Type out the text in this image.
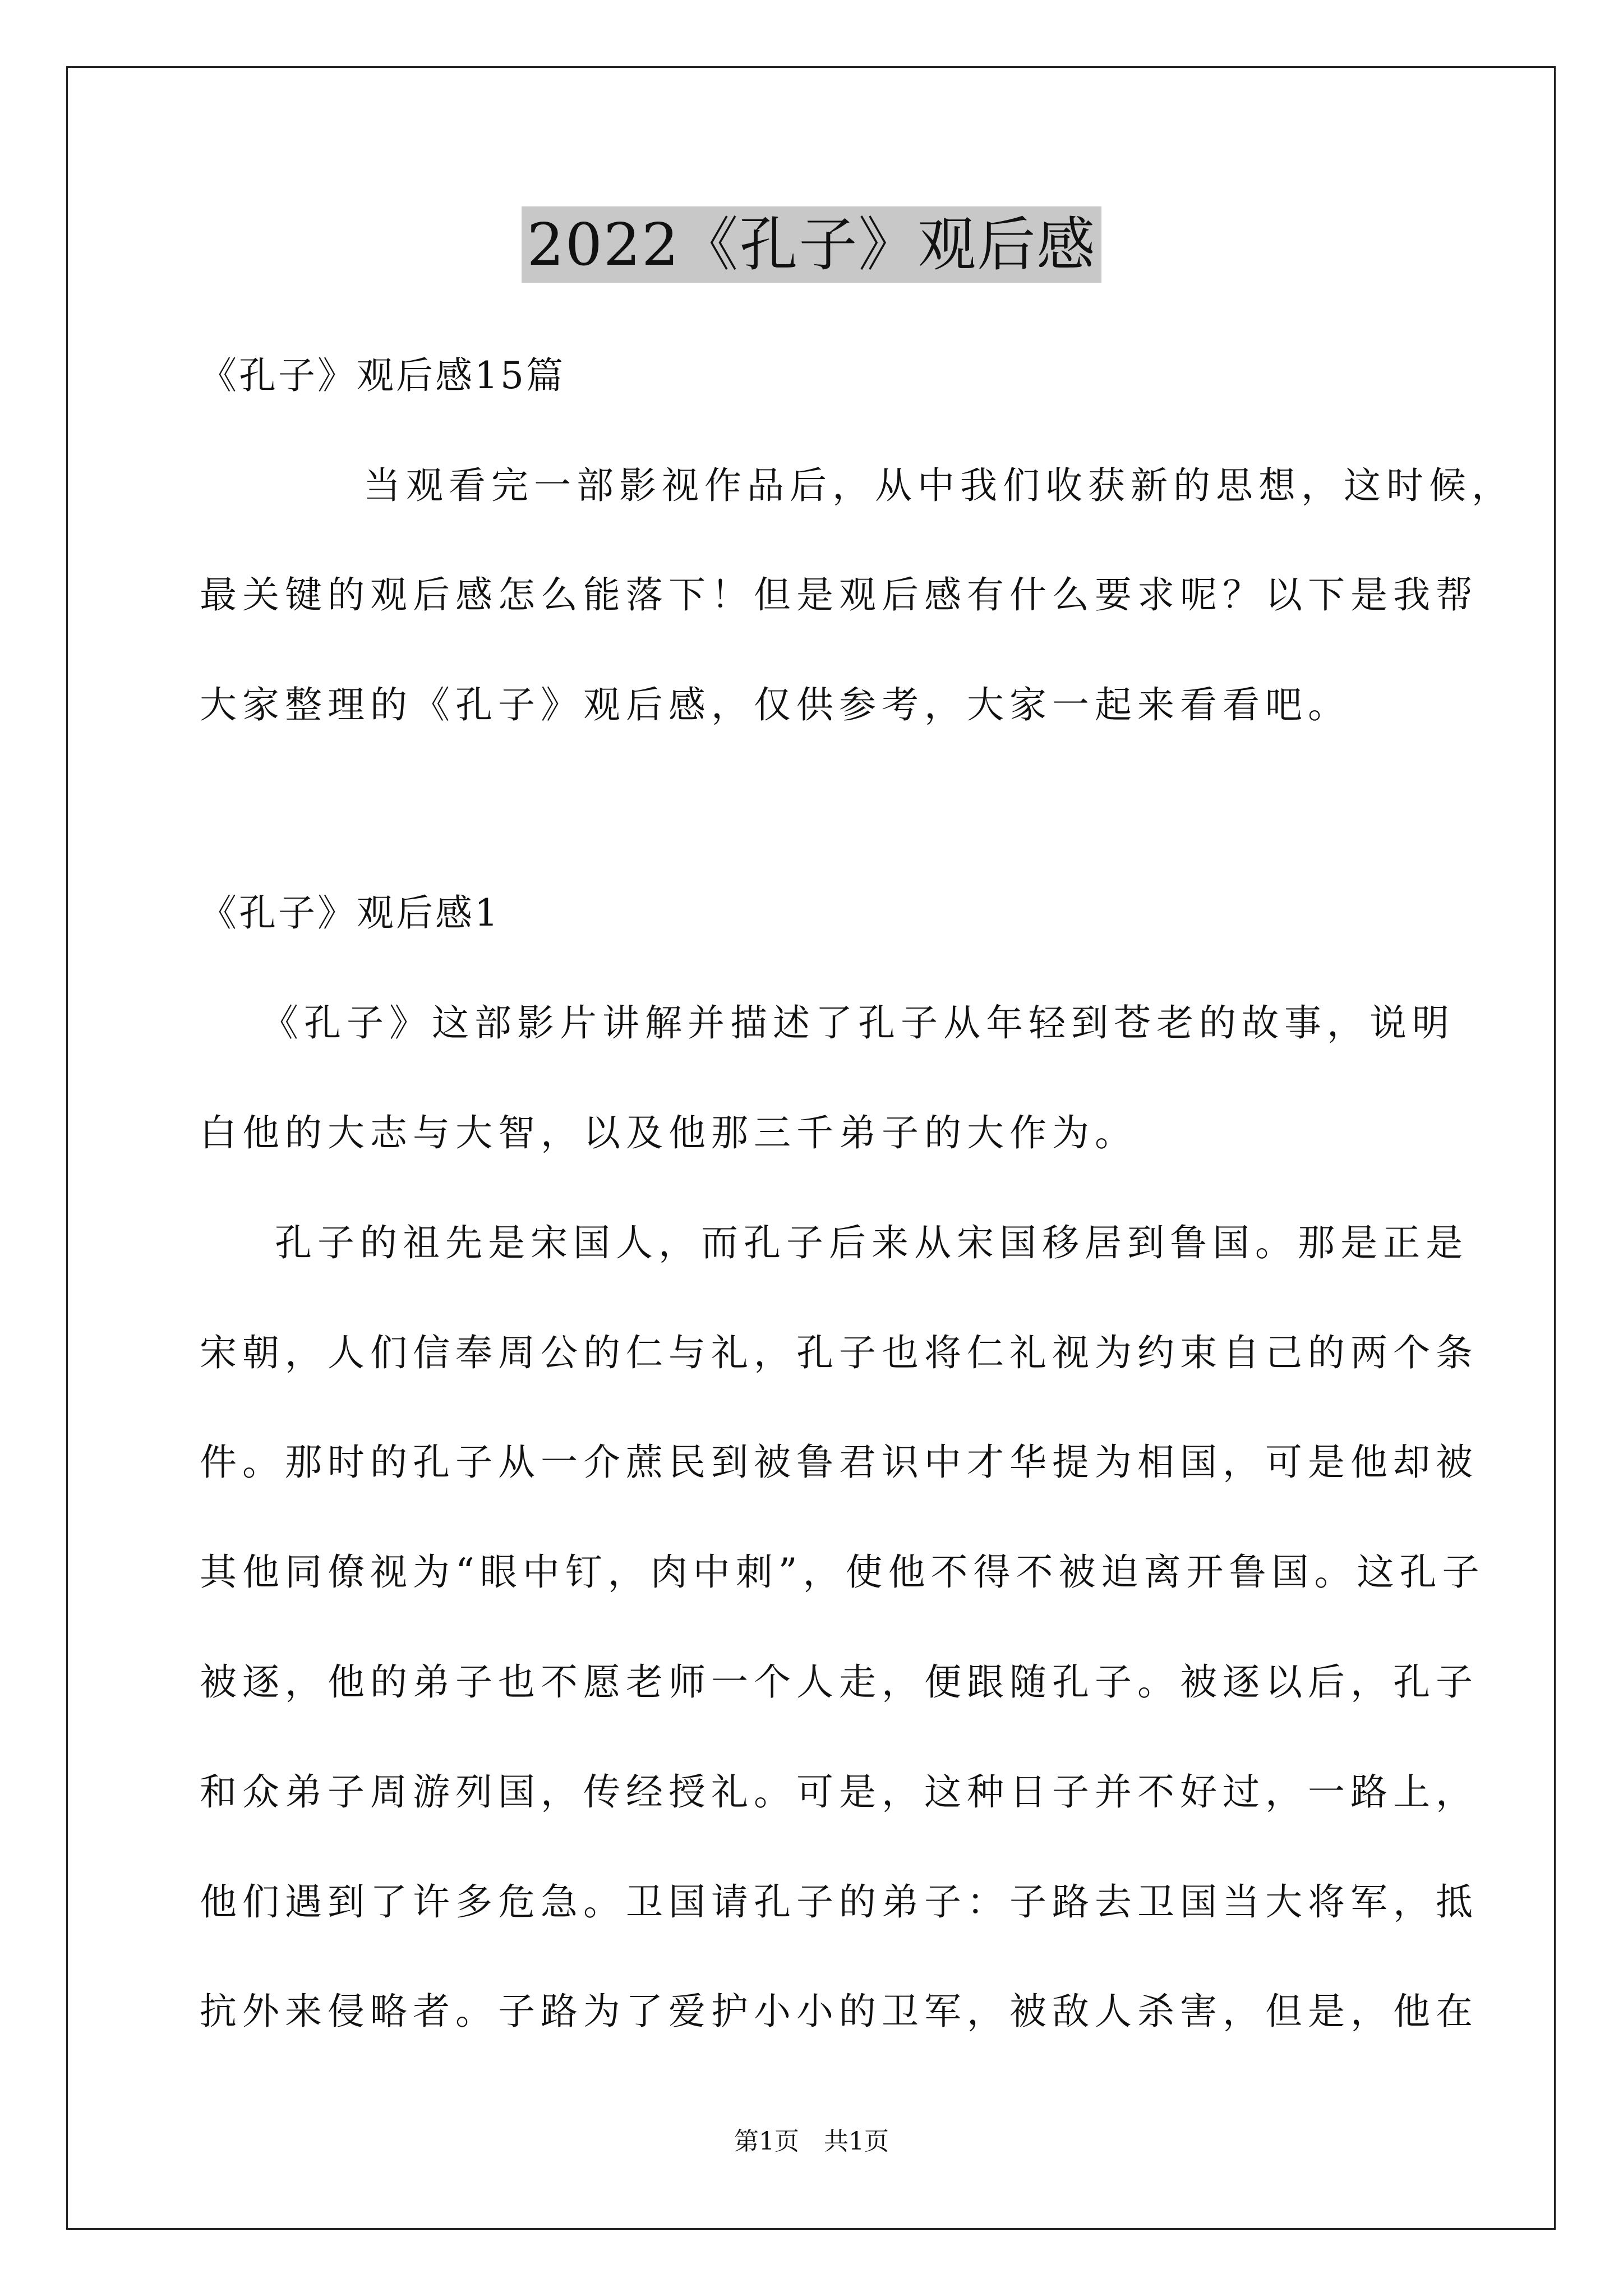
2022《孔子》观后感
《孔子》观后感15篇
当观看完一部影视作品后，从中我们收获新的思想，这时候，
最关键的观后感怎么能落下！但是观后感有什么要求呢？以下是我帮
大家整理的《孔子》观后感，仅供参考，大家一起来看看吧。
《孔子》观后感1
《孔子》这部影片讲解并描述了孔子从年轻到苍老的故事，说明
白他的大志与大智，以及他那三千弟子的大作为。
孔子的祖先是宋国人，而孔子后来从宋国移居到鲁国。那是正是
宋朝，人们信奉周公的仁与礼，孔子也将仁礼视为约束自己的两个条
件。那时的孔子从一介蔗民到被鲁君识中才华提为相国，可是他却被
其他同僚视为“眼中钉，肉中刺”，使他不得不被迫离开鲁国。这孔子
被逐，他的弟子也不愿老师一个人走，便跟随孔子。被逐以后，孔子
和众弟子周游列国，传经授礼。可是，这种日子并不好过，一路上，
他们遇到了许多危急。卫国请孔子的弟子：子路去卫国当大将军，抵
抗外来侵略者。子路为了爱护小小的卫军，被敌人杀害，但是，他在
第1页　共1页
